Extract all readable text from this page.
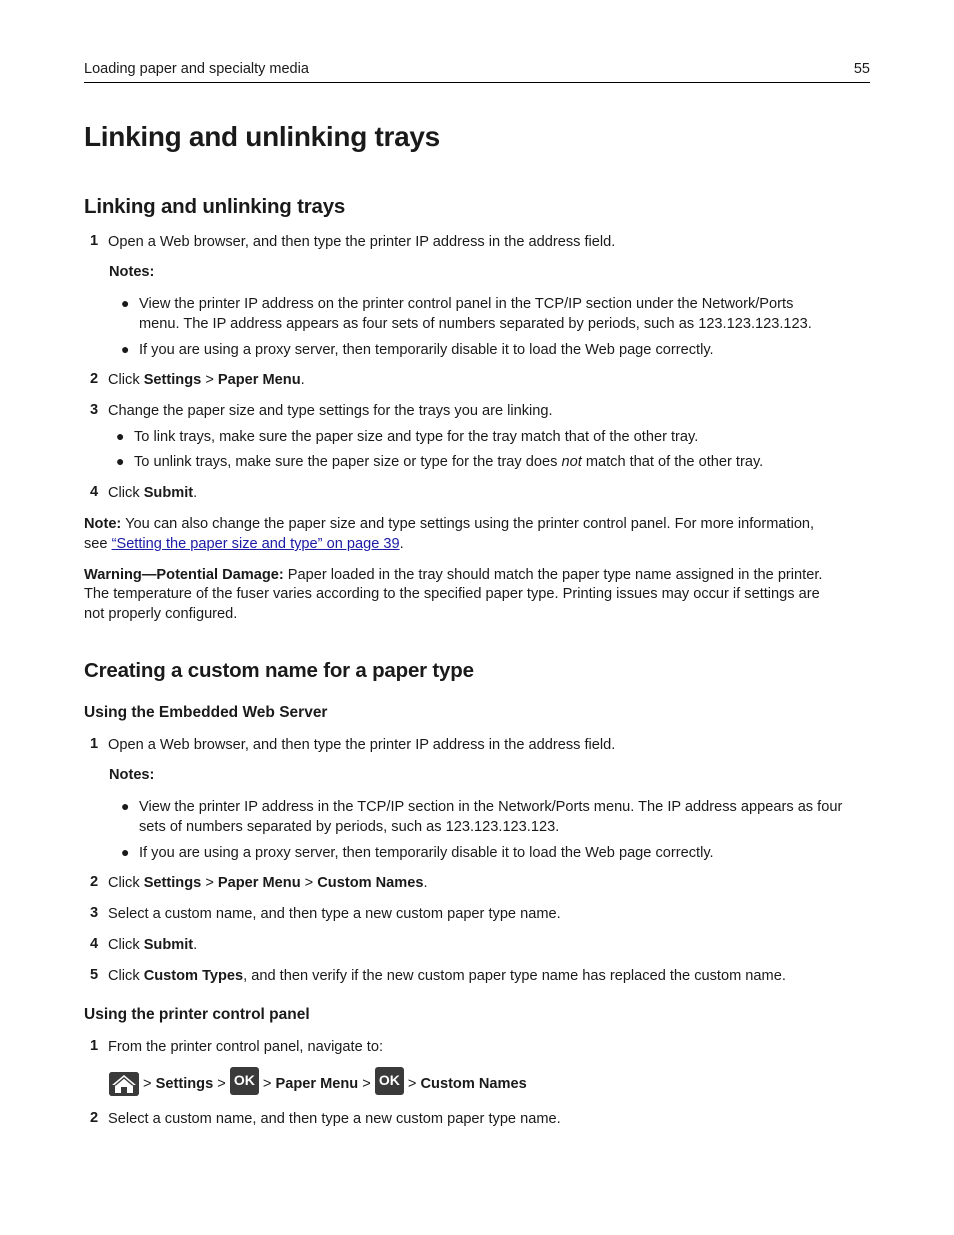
Loading paper and specialty media	55
Linking and unlinking trays
Linking and unlinking trays
1 Open a Web browser, and then type the printer IP address in the address field.
Notes:
● View the printer IP address on the printer control panel in the TCP/IP section under the Network/Ports
menu. The IP address appears as four sets of numbers separated by periods, such as 123.123.123.123.
● If you are using a proxy server, then temporarily disable it to load the Web page correctly.
2 Click Settings > Paper Menu.
3 Change the paper size and type settings for the trays you are linking.
● To link trays, make sure the paper size and type for the tray match that of the other tray.
● To unlink trays, make sure the paper size or type for the tray does not match that of the other tray.
4 Click Submit.
Note: You can also change the paper size and type settings using the printer control panel. For more information,
see “Setting the paper size and type” on page 39.
Warning—Potential Damage: Paper loaded in the tray should match the paper type name assigned in the printer.
The temperature of the fuser varies according to the specified paper type. Printing issues may occur if settings are
not properly configured.
Creating a custom name for a paper type
Using the Embedded Web Server
1 Open a Web browser, and then type the printer IP address in the address field.
Notes:
● View the printer IP address in the TCP/IP section in the Network/Ports menu. The IP address appears as four
sets of numbers separated by periods, such as 123.123.123.123.
● If you are using a proxy server, then temporarily disable it to load the Web page correctly.
2 Click Settings > Paper Menu > Custom Names.
3 Select a custom name, and then type a new custom paper type name.
4 Click Submit.
5 Click Custom Types, and then verify if the new custom paper type name has replaced the custom name.
Using the printer control panel
1 From the printer control panel, navigate to:
> Settings > OK > Paper Menu > OK > Custom Names
2 Select a custom name, and then type a new custom paper type name.
